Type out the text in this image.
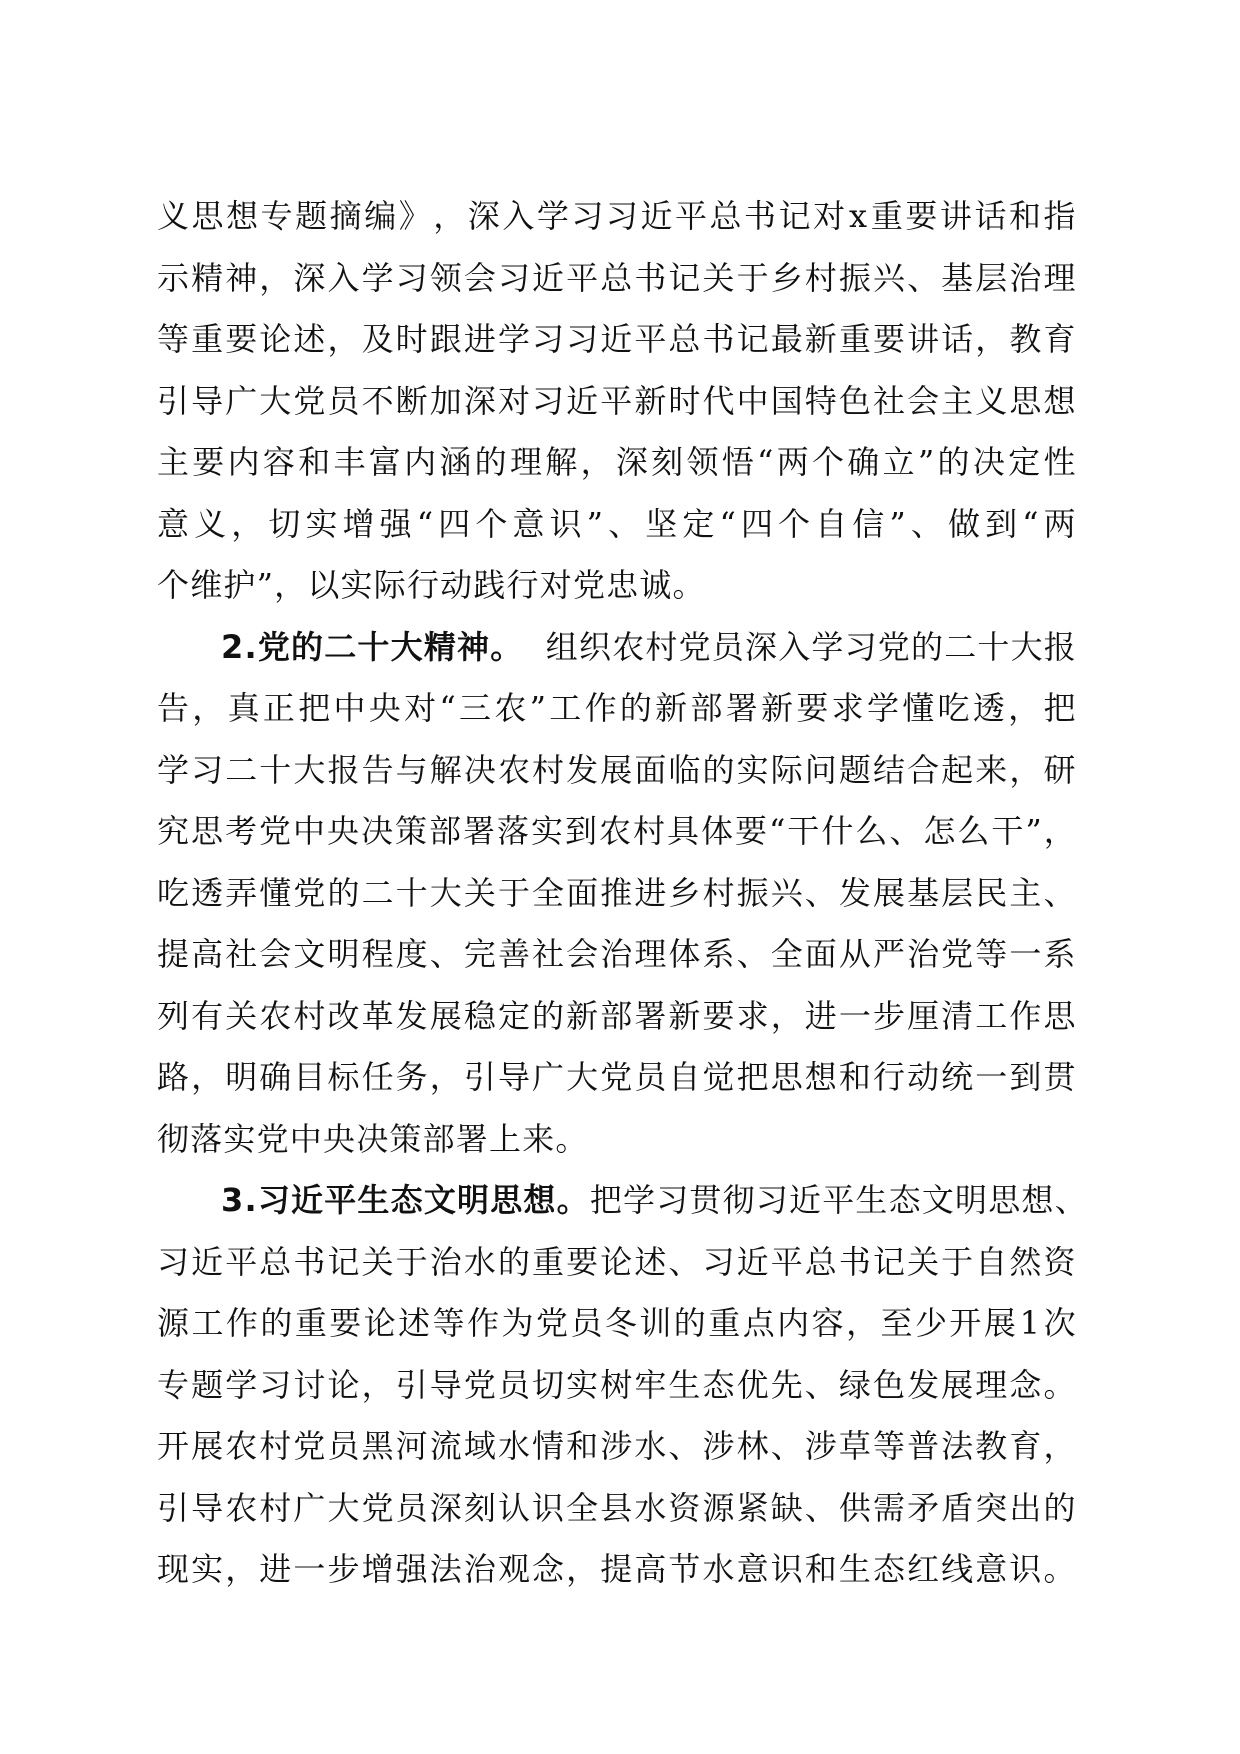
义 思 想 专 题 摘 编 》 ， 深 入 学 习 习 近 平 总 书 记 对 x 重 要 讲 话 和 指
示 精 神 ， 深 入 学 习 领 会 习 近 平 总 书 记 关 于 乡 村 振 兴 、 基 层 治 理
等 重 要 论 述 ， 及 时 跟 进 学 习 习 近 平 总 书 记 最 新 重 要 讲 话 ， 教 育
引 导 广 大 党 员 不 断 加 深 对 习 近 平 新 时 代 中 国 特 色 社 会 主 义 思 想
主 要 内 容 和 丰 富 内 涵 的 理 解 ， 深 刻 领 悟 “ 两 个 确 立 ” 的 决 定 性
意 义 ， 切 实 增 强 “ 四 个 意 识 ” 、 坚 定 “ 四 个 自 信 ” 、 做 到 “ 两
个维护”，以实际行动践行对党忠诚。
2.党的二十大精神。 组织农村党员深入学习党的二十大报
告 ， 真 正 把 中 央 对 “ 三 农 ” 工 作 的 新 部 署 新 要 求 学 懂 吃 透 ， 把
学 习 二 十 大 报 告 与 解 决 农 村 发 展 面 临 的 实 际 问 题 结 合 起 来 ， 研
究 思 考 党 中 央 决 策 部 署 落 实 到 农 村 具 体 要 “ 干 什 么 、 怎 么 干 ” ，
吃 透 弄 懂 党 的 二 十 大 关 于 全 面 推 进 乡 村 振 兴 、 发 展 基 层 民 主 、
提 高 社 会 文 明 程 度 、 完 善 社 会 治 理 体 系 、 全 面 从 严 治 党 等 一 系
列 有 关 农 村 改 革 发 展 稳 定 的 新 部 署 新 要 求 ， 进 一 步 厘 清 工 作 思
路 ， 明 确 目 标 任 务 ， 引 导 广 大 党 员 自 觉 把 思 想 和 行 动 统 一 到 贯
彻落实党中央决策部署上来。
3.习近平生态文明思想。 把学习贯彻习近平生态文明思想、
习 近 平 总 书 记 关 于 治 水 的 重 要 论 述 、 习 近 平 总 书 记 关 于 自 然 资
源 工 作 的 重 要 论 述 等 作 为 党 员 冬 训 的 重 点 内 容 ， 至 少 开 展 1 次
专 题 学 习 讨 论 ， 引 导 党 员 切 实 树 牢 生 态 优 先 、 绿 色 发 展 理 念 。
开 展 农 村 党 员 黑 河 流 域 水 情 和 涉 水 、 涉 林 、 涉 草 等 普 法 教 育 ，
引 导 农 村 广 大 党 员 深 刻 认 识 全 县 水 资 源 紧 缺 、 供 需 矛 盾 突 出 的
现 实 ， 进 一 步 增 强 法 治 观 念 ， 提 高 节 水 意 识 和 生 态 红 线 意 识 。
